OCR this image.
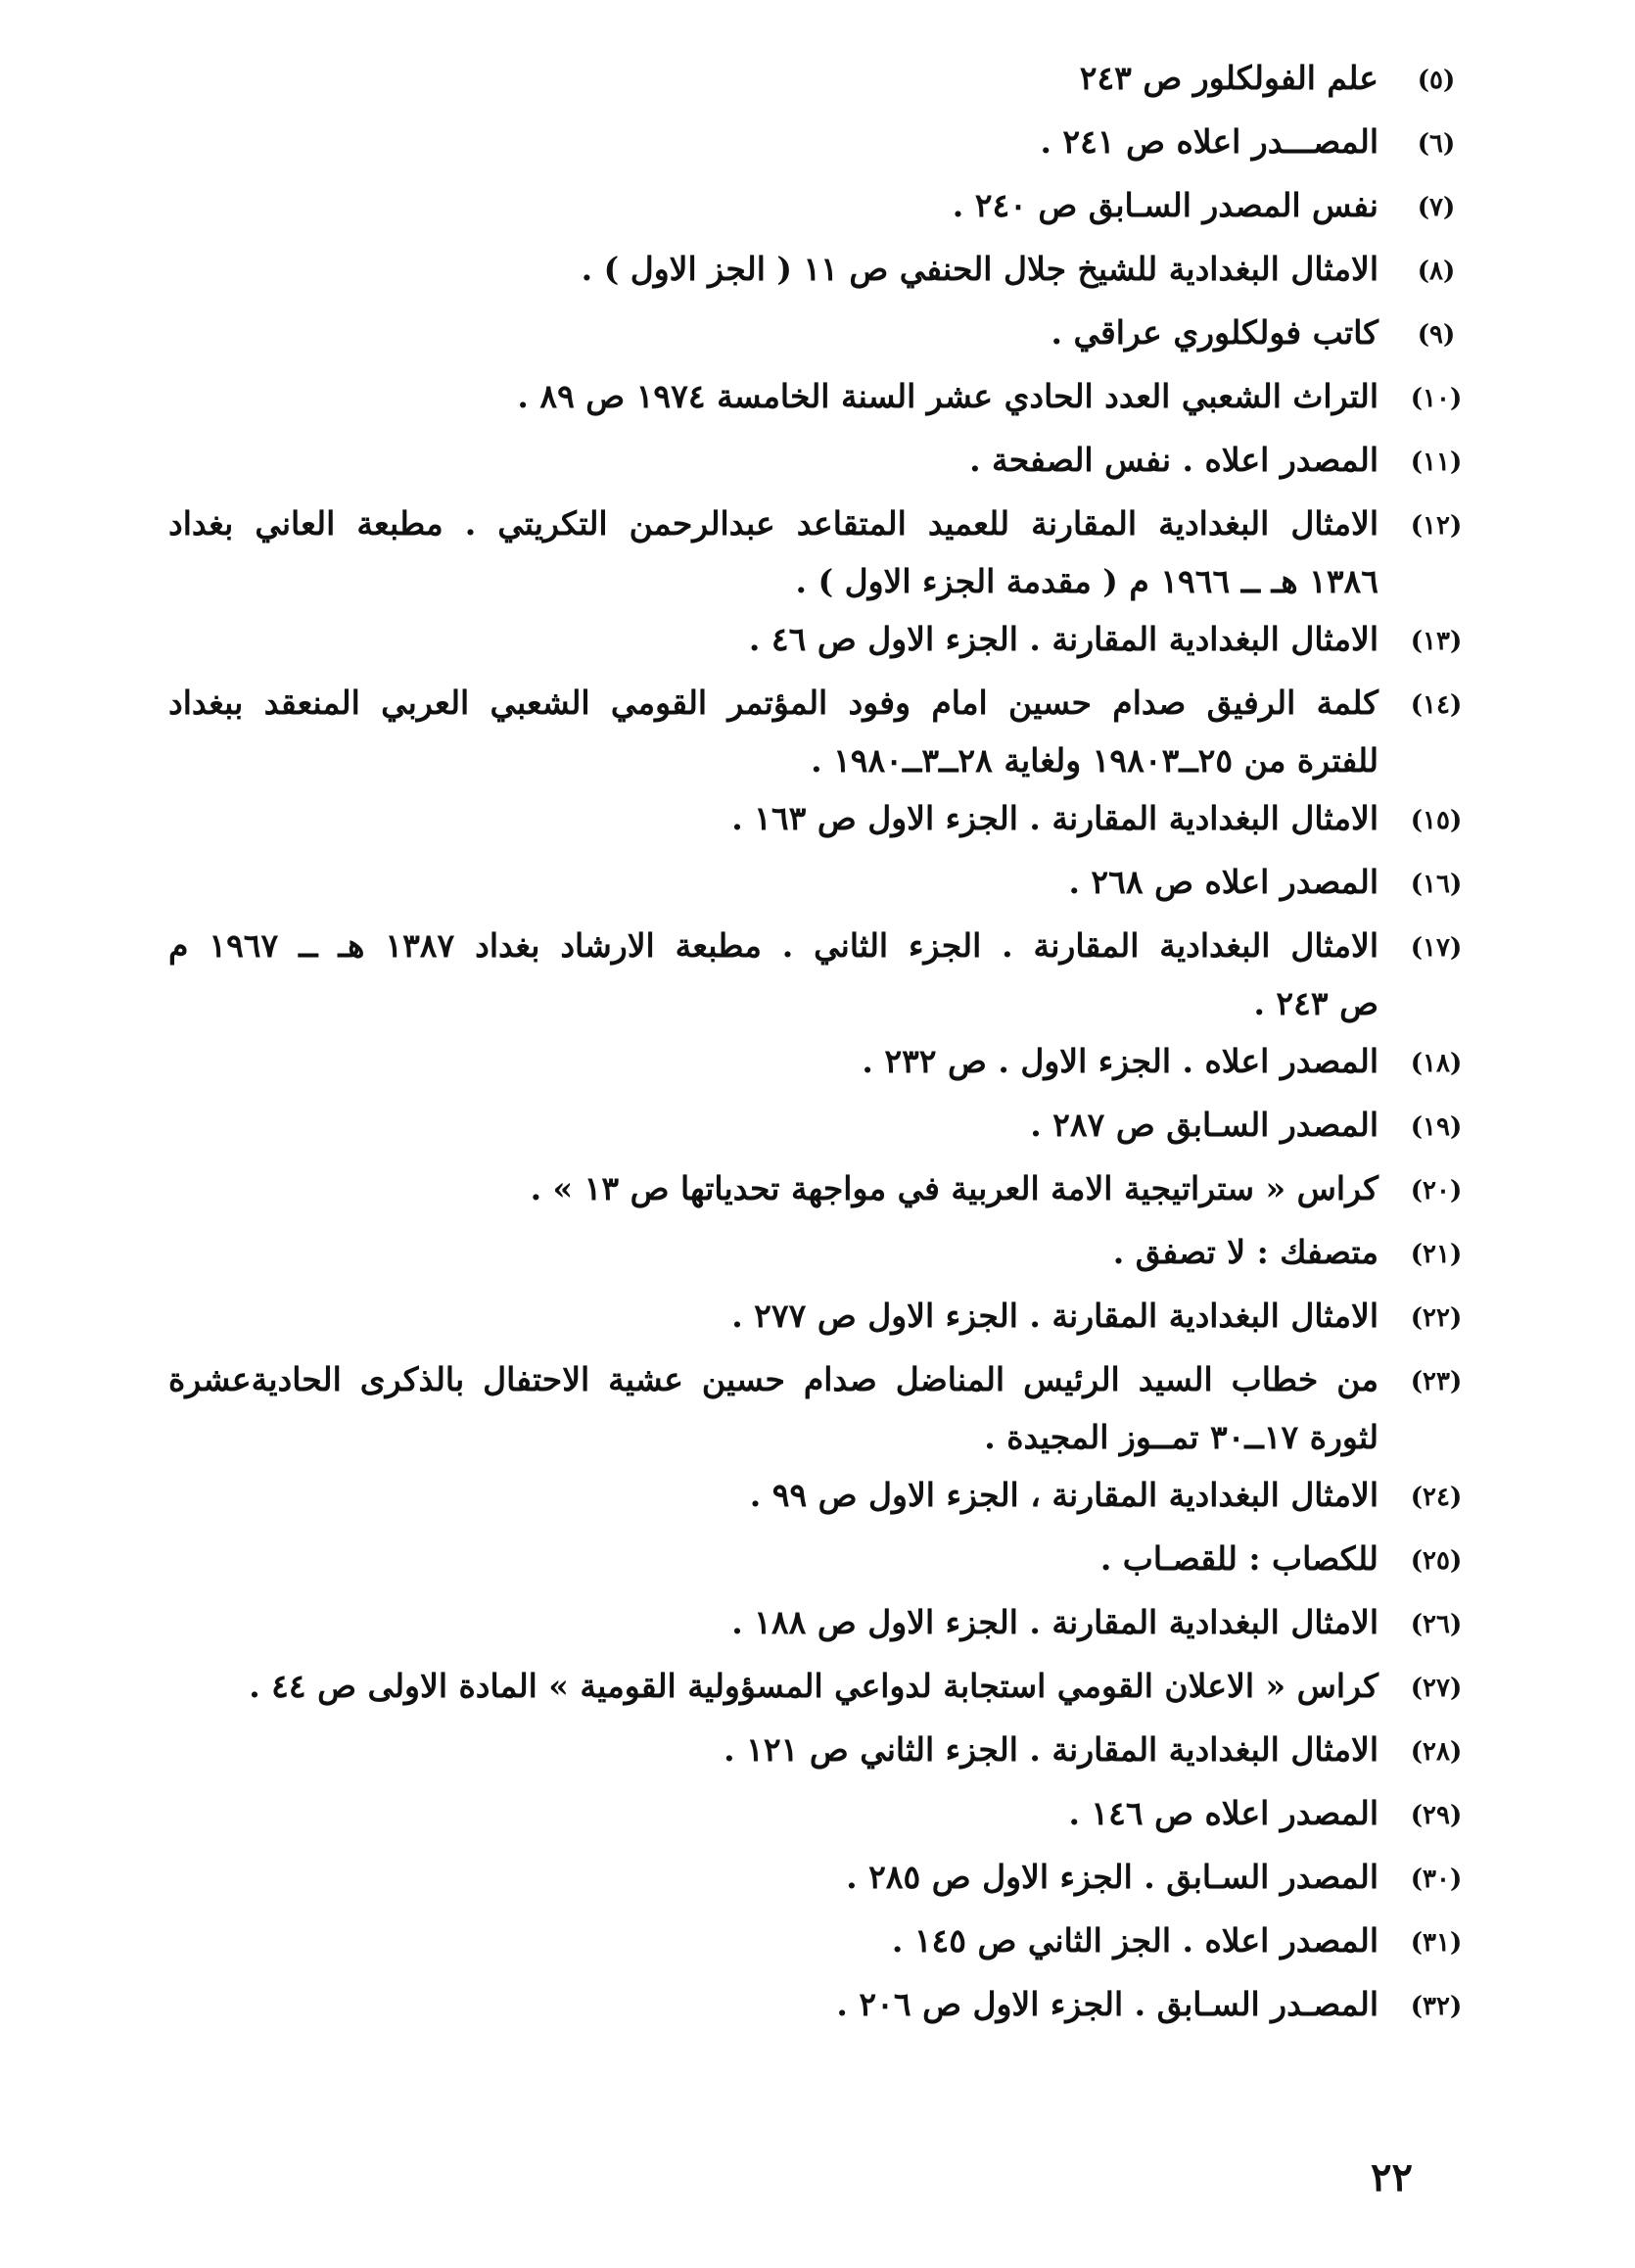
(٥)
علم الفولكلور ص ٢٤٣
(٦)
المصـــدر اعلاه ص ٢٤١ .
(٧)
نفس المصدر السـابق ص ٢٤٠ .
(٨)
الامثال البغدادية للشيخ جلال الحنفي ص ١١ ( الجز الاول ) .
(٩)
كاتب فولكلوري عراقي .
(١٠)
التراث الشعبي العدد الحادي عشر السنة الخامسة ١٩٧٤ ص ٨٩ .
(١١)
المصدر اعلاه . نفس الصفحة .
(١٢)
الامثال البغدادية المقارنة للعميد المتقاعد عبدالرحمن التكريتي . مطبعة العاني بغداد
١٣٨٦ هـ ــ ١٩٦٦ م ( مقدمة الجزء الاول ) .
(١٣)
الامثال البغدادية المقارنة . الجزء الاول ص ٤٦ .
(١٤)
كلمة الرفيق صدام حسين امام وفود المؤتمر القومي الشعبي العربي المنعقد ببغداد
للفترة من ٢٥ــ١٩٨٠٣ ولغاية ٢٨ــ٣ــ١٩٨٠ .
(١٥)
الامثال البغدادية المقارنة . الجزء الاول ص ١٦٣ .
(١٦)
المصدر اعلاه ص ٢٦٨ .
(١٧)
الامثال البغدادية المقارنة . الجزء الثاني . مطبعة الارشاد بغداد ١٣٨٧ هـ ــ ١٩٦٧ م
ص ٢٤٣ .
(١٨)
المصدر اعلاه . الجزء الاول . ص ٢٣٢ .
(١٩)
المصدر السـابق ص ٢٨٧ .
(٢٠)
كراس « ستراتيجية الامة العربية في مواجهة تحدياتها ص ١٣ » .
(٢١)
متصفك : لا تصفق .
(٢٢)
الامثال البغدادية المقارنة . الجزء الاول ص ٢٧٧ .
(٢٣)
من خطاب السيد الرئيس المناضل صدام حسين عشية الاحتفال بالذكرى الحاديةعشرة
لثورة ١٧ــ٣٠ تمــوز المجيدة .
(٢٤)
الامثال البغدادية المقارنة ، الجزء الاول ص ٩٩ .
(٢٥)
للكصاب : للقصـاب .
(٢٦)
الامثال البغدادية المقارنة . الجزء الاول ص ١٨٨ .
(٢٧)
كراس « الاعلان القومي استجابة لدواعي المسؤولية القومية » المادة الاولى ص ٤٤ .
(٢٨)
الامثال البغدادية المقارنة . الجزء الثاني ص ١٢١ .
(٢٩)
المصدر اعلاه ص ١٤٦ .
(٣٠)
المصدر السـابق . الجزء الاول ص ٢٨٥ .
(٣١)
المصدر اعلاه . الجز الثاني ص ١٤٥ .
(٣٢)
المصـدر السـابق . الجزء الاول ص ٢٠٦ .
٢٢
